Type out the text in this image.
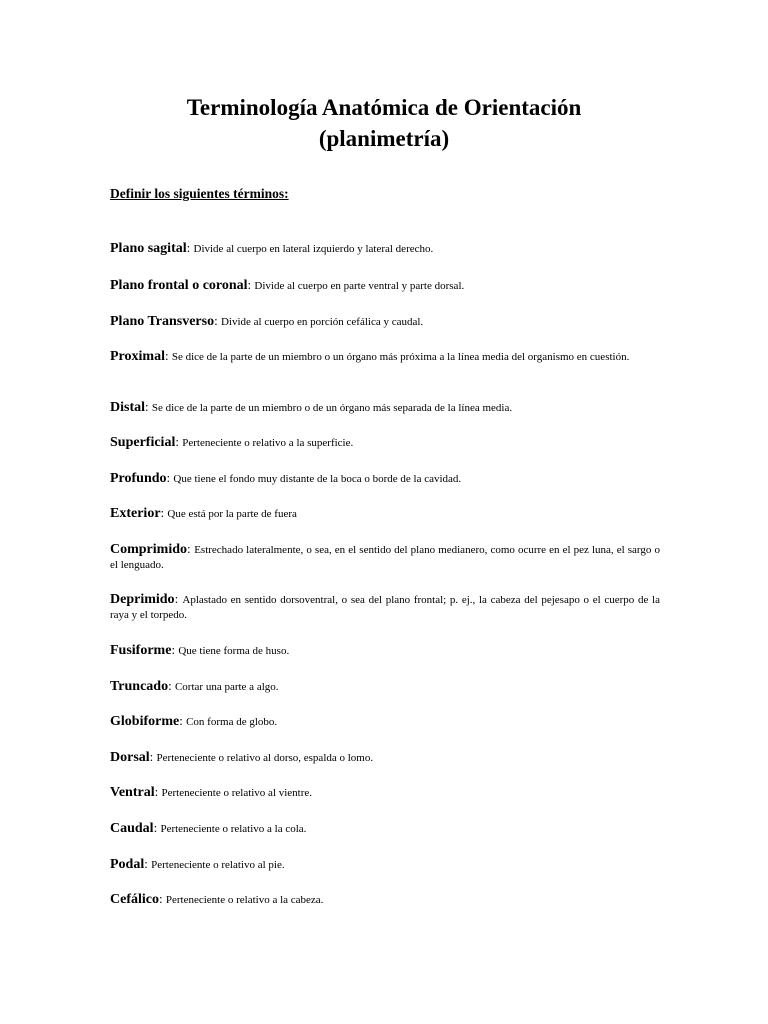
Terminología Anatómica de Orientación
(planimetría)
Definir los siguientes términos:
Plano sagital: Divide al cuerpo en lateral izquierdo y lateral derecho.
Plano frontal o coronal: Divide al cuerpo en parte ventral y parte dorsal.
Plano Transverso: Divide al cuerpo en porción cefálica y caudal.
Proximal: Se dice de la parte de un miembro o un órgano más próxima a la línea media del organismo en cuestión.
Distal: Se dice de la parte de un miembro o de un órgano más separada de la línea media.
Superficial: Perteneciente o relativo a la superficie.
Profundo: Que tiene el fondo muy distante de la boca o borde de la cavidad.
Exterior: Que está por la parte de fuera
Comprimido: Estrechado lateralmente, o sea, en el sentido del plano medianero, como ocurre en el pez luna, el sargo o el lenguado.
Deprimido: Aplastado en sentido dorsoventral, o sea del plano frontal; p. ej., la cabeza del pejesapo o el cuerpo de la raya y el torpedo.
Fusiforme: Que tiene forma de huso.
Truncado: Cortar una parte a algo.
Globiforme: Con forma de globo.
Dorsal: Perteneciente o relativo al dorso, espalda o lomo.
Ventral: Perteneciente o relativo al vientre.
Caudal: Perteneciente o relativo a la cola.
Podal: Perteneciente o relativo al pie.
Cefálico: Perteneciente o relativo a la cabeza.
